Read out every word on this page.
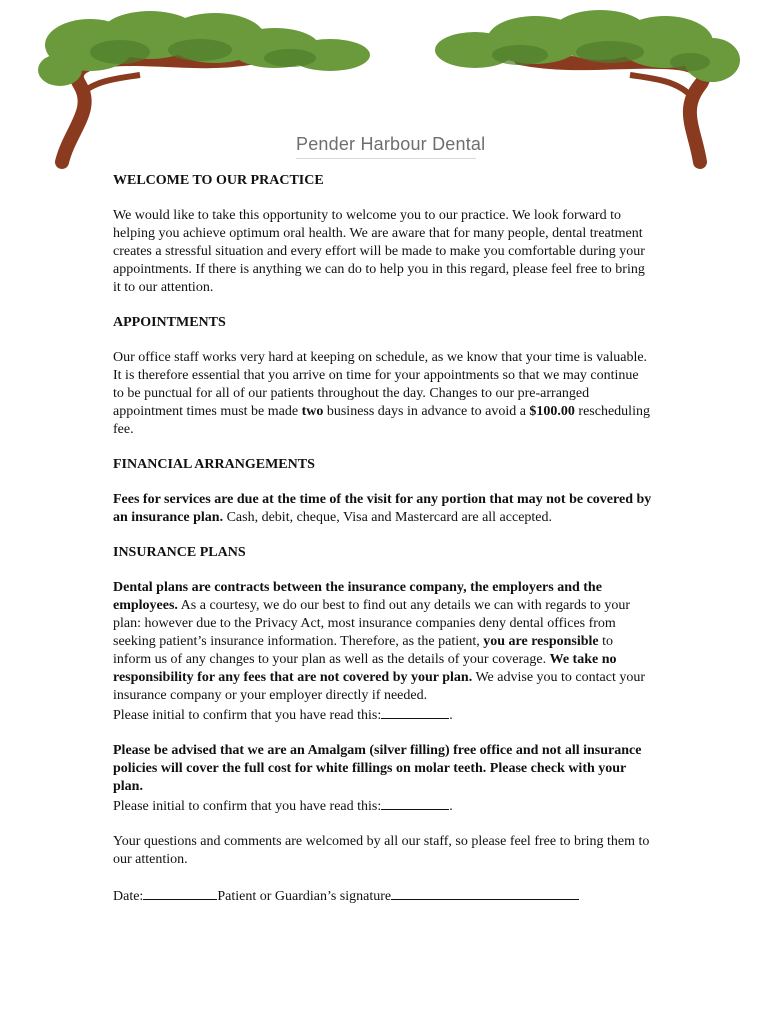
Pender Harbour Dental
WELCOME TO OUR PRACTICE

We would like to take this opportunity to welcome you to our practice. We look forward to helping you achieve optimum oral health. We are aware that for many people, dental treatment creates a stressful situation and every effort will be made to make you comfortable during your appointments. If there is anything we can do to help you in this regard, please feel free to bring it to our attention.

APPOINTMENTS

Our office staff works very hard at keeping on schedule, as we know that your time is valuable. It is therefore essential that you arrive on time for your appointments so that we may continue to be punctual for all of our patients throughout the day. Changes to our pre-arranged appointment times must be made two business days in advance to avoid a $100.00 rescheduling fee.

FINANCIAL ARRANGEMENTS

Fees for services are due at the time of the visit for any portion that may not be covered by an insurance plan. Cash, debit, cheque, Visa and Mastercard are all accepted.

INSURANCE PLANS

Dental plans are contracts between the insurance company, the employers and the employees. As a courtesy, we do our best to find out any details we can with regards to your plan: however due to the Privacy Act, most insurance companies deny dental offices from seeking patient’s insurance information. Therefore, as the patient, you are responsible to inform us of any changes to your plan as well as the details of your coverage. We take no responsibility for any fees that are not covered by your plan. We advise you to contact your insurance company or your employer directly if needed.
Please initial to confirm that you have read this:	.

Please be advised that we are an Amalgam (silver filling) free office and not all insurance policies will cover the full cost for white fillings on molar teeth. Please check with your plan.
Please initial to confirm that you have read this:	.

Your questions and comments are welcomed by all our staff, so please feel free to bring them to our attention.

Date:	Patient or Guardian’s signature
